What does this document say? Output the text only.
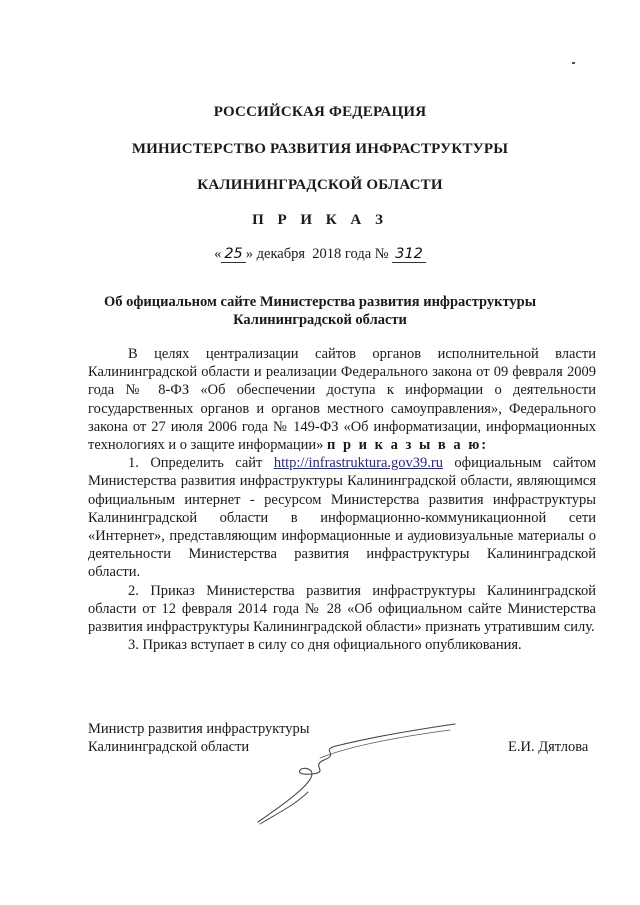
РОССИЙСКАЯ ФЕДЕРАЦИЯ
МИНИСТЕРСТВО РАЗВИТИЯ ИНФРАСТРУКТУРЫ
КАЛИНИНГРАДСКОЙ ОБЛАСТИ
П Р И К А З
« 25 » декабря  2018 года № 312
Об официальном сайте Министерства развития инфраструктуры
Калининградской области

В целях централизации сайтов органов исполнительной власти Калининградской области и реализации Федерального закона от 09 февраля 2009 года № 8-ФЗ «Об обеспечении доступа к информации о деятельности государственных органов и органов местного самоуправления», Федерального закона от 27 июля 2006 года № 149-ФЗ «Об информатизации, информационных технологиях и о защите информации» п р и к а з ы в а ю:

1. Определить сайт http://infrastruktura.gov39.ru официальным сайтом Министерства развития инфраструктуры Калининградской области, являющимся официальным интернет - ресурсом Министерства развития инфраструктуры Калининградской области в информационно-коммуникационной сети «Интернет», представляющим информационные и аудиовизуальные материалы о деятельности Министерства развития инфраструктуры Калининградской области.

2. Приказ Министерства развития инфраструктуры Калининградской области от 12 февраля 2014 года № 28 «Об официальном сайте Министерства развития инфраструктуры Калининградской области» признать утратившим силу.

3. Приказ вступает в силу со дня официального опубликования.

Министр развития инфраструктуры
Калининградской области	Е.И. Дятлова
